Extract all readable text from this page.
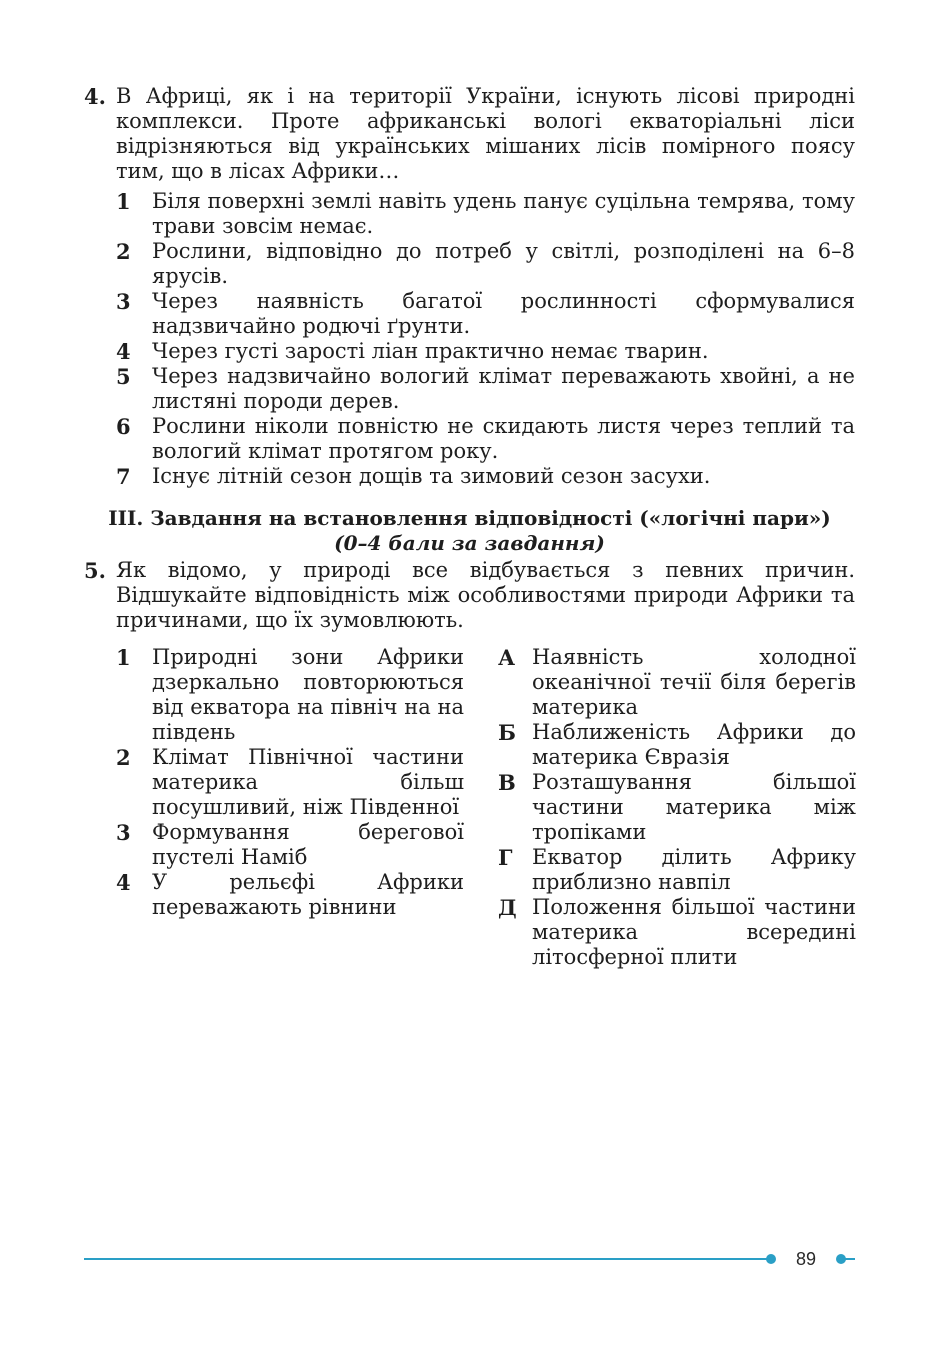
4. В Африці, як і на території України, існують лісові природні комплекси. Проте африканські вологі екваторіальні ліси відрізняються від українських мішаних лісів помірного поясу тим, що в лісах Африки…
1	Біля поверхні землі навіть удень панує суцільна темрява, тому трави зовсім немає.
2	Рослини, відповідно до потреб у світлі, розподілені на 6–8 ярусів.
3	Через наявність багатої рослинності сформувалися надзвичайно родючі ґрунти.
4	Через густі зарості ліан практично немає тварин.
5	Через надзвичайно вологий клімат переважають хвойні, а не листяні породи дерев.
6	Рослини ніколи повністю не скидають листя через теплий та вологий клімат протягом року.
7	Існує літній сезон дощів та зимовий сезон засухи.
ІІІ. Завдання на встановлення відповідності («логічні пари»)
(0–4 бали за завдання)
5. Як відомо, у природі все відбувається з певних причин. Відшукайте відповідність між особливостями природи Африки та причинами, що їх зумовлюють.
1	Природні зони Африки дзеркально повторюються від екватора на північ на на південь
2	Клімат Північної частини материка більш посушливий, ніж Південної
3	Формування берегової пустелі Наміб
4	У рельєфі Африки переважають рівнини
А Наявність холодної океанічної течії біля берегів материка
Б Наближеність Африки до материка Євразія
В Розташування більшої частини материка між тропіками
Г Екватор ділить Африку приблизно навпіл
Д Положення більшої частини материка всередині літосферної плити
89
